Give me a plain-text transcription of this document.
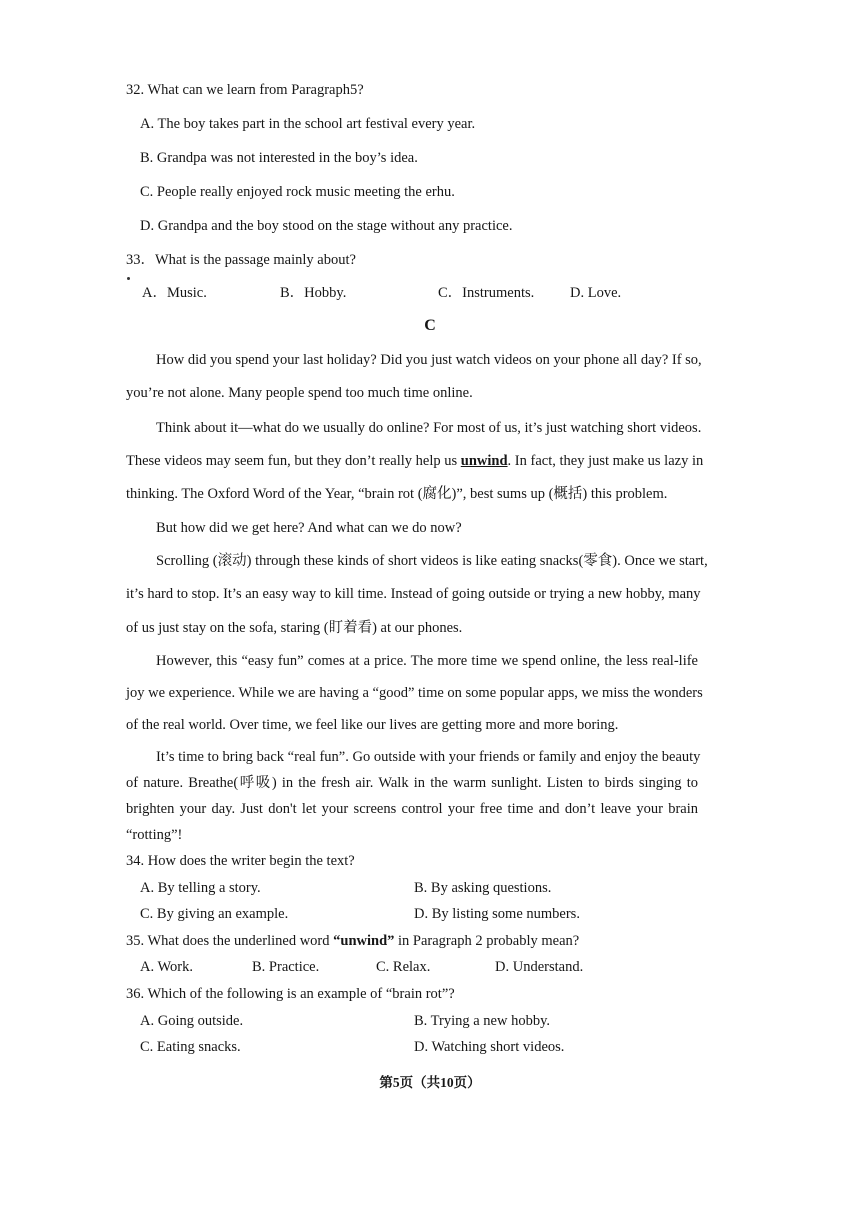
32. What can we learn from Paragraph5?
A. The boy takes part in the school art festival every year.
B. Grandpa was not interested in the boy’s idea.
C. People really enjoyed rock music meeting the erhu.
D. Grandpa and the boy stood on the stage without any practice.
33．What is the passage mainly about?
A．Music.	B．Hobby.	C．Instruments. D. Love.
C
How did you spend your last holiday? Did you just watch videos on your phone all day? If so,
you’re not alone. Many people spend too much time online.
Think about it—what do we usually do online? For most of us, it’s just watching short videos.
These videos may seem fun, but they don’t really help us unwind. In fact, they just make us lazy in
thinking. The Oxford Word of the Year, “brain rot (腐化)”, best sums up (概括) this problem.
But how did we get here? And what can we do now?
Scrolling (滚动) through these kinds of short videos is like eating snacks(零食). Once we start,
it’s hard to stop. It’s an easy way to kill time. Instead of going outside or trying a new hobby, many
of us just stay on the sofa, staring (盯着看) at our phones.
However, this “easy fun” comes at a price. The more time we spend online, the less real-life
joy we experience. While we are having a “good” time on some popular apps, we miss the wonders
of the real world. Over time, we feel like our lives are getting more and more boring.
It’s time to bring back “real fun”. Go outside with your friends or family and enjoy the beauty
of nature. Breathe(呼吸) in the fresh air. Walk in the warm sunlight. Listen to birds singing to
brighten your day. Just don't let your screens control your free time and don’t leave your brain
“rotting”!
34. How does the writer begin the text?
A. By telling a story.	B. By asking questions.
C. By giving an example.	D. By listing some numbers.
35. What does the underlined word “unwind” in Paragraph 2 probably mean?
A. Work.	B. Practice.	C. Relax.	D. Understand.
36. Which of the following is an example of “brain rot”?
A. Going outside.	B. Trying a new hobby.
C. Eating snacks.	D. Watching short videos.
第5页（共10页）
